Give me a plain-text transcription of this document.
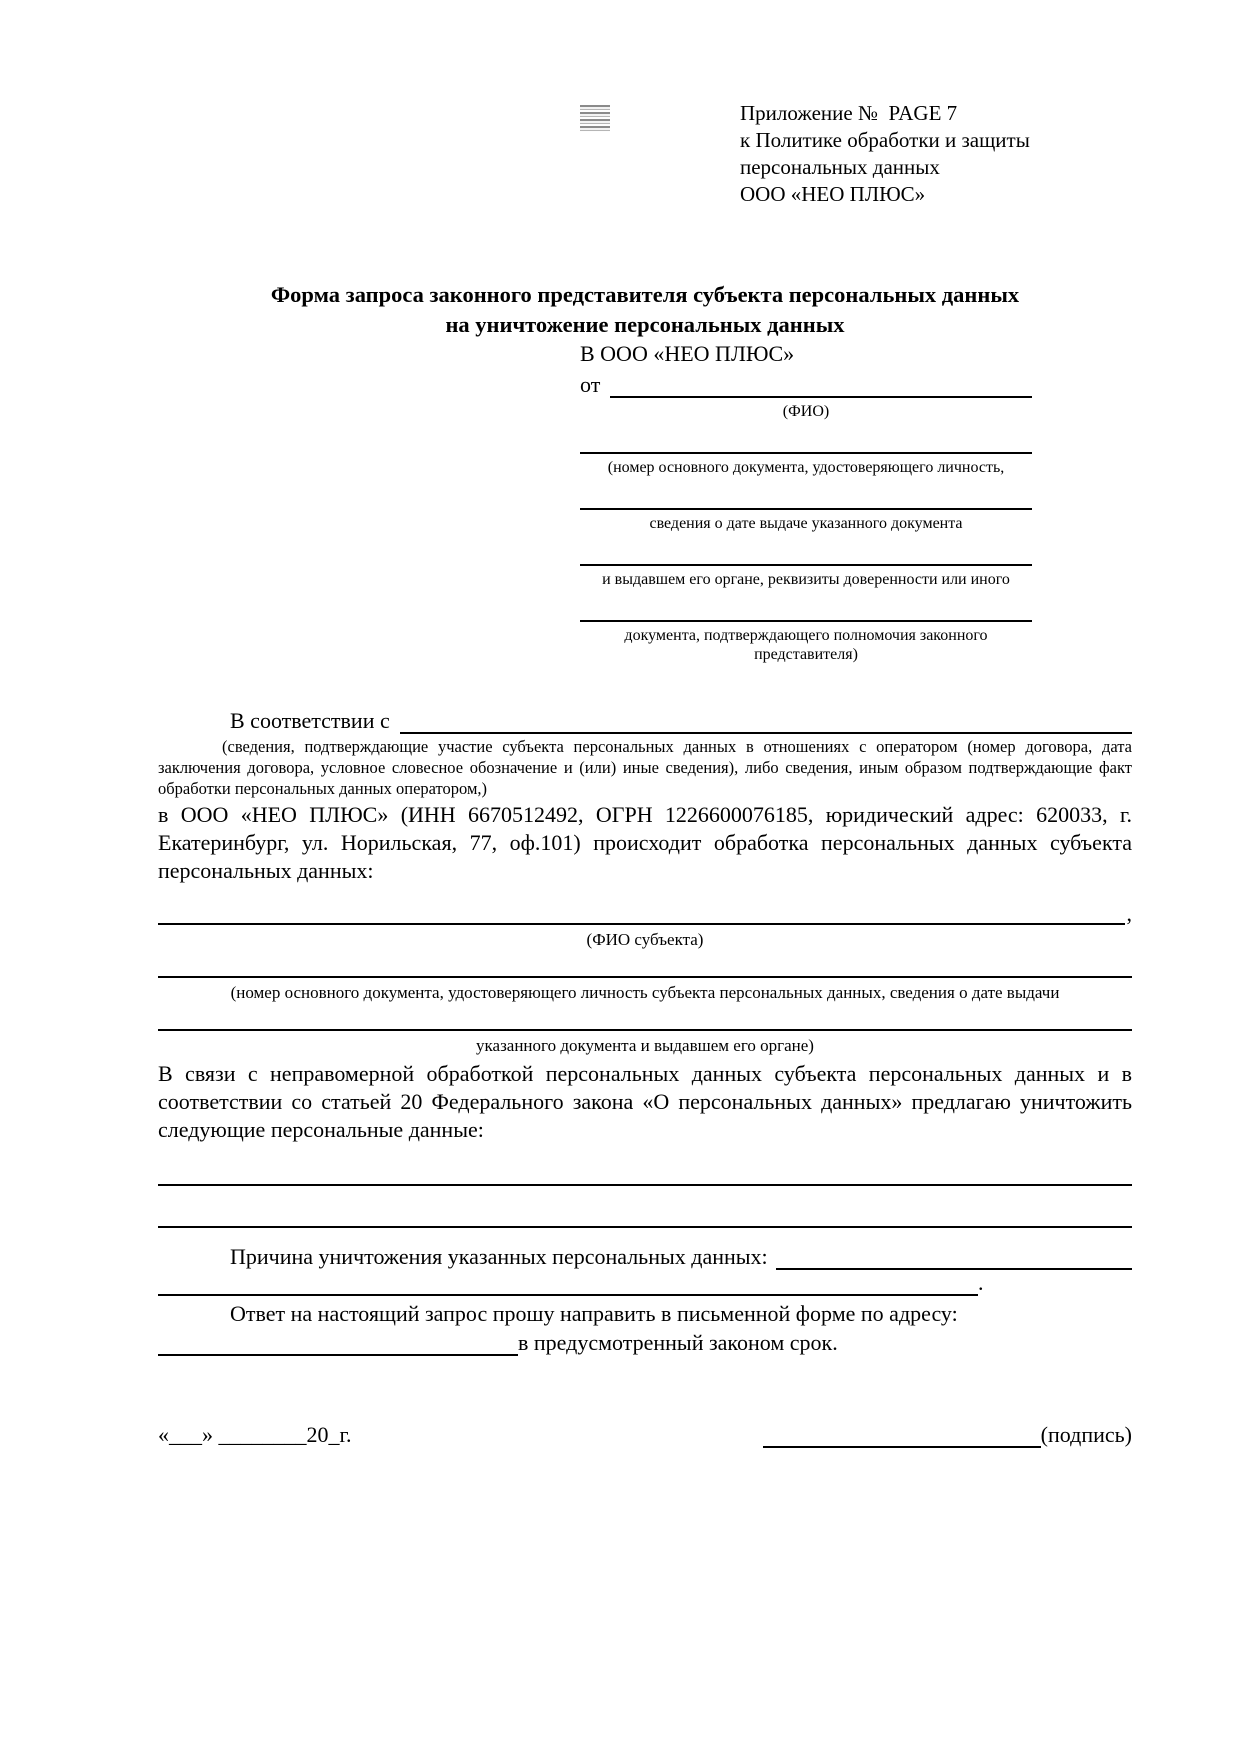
Приложение №  PAGE 7
к Политике обработки и защиты
персональных данных
ООО «НЕО ПЛЮС»
Форма запроса законного представителя субъекта персональных данных
на уничтожение персональных данных
В ООО «НЕО ПЛЮС»
от
(ФИО)
(номер основного документа, удостоверяющего личность,
сведения о дате выдаче указанного документа
и выдавшем его органе, реквизиты доверенности или иного
документа, подтверждающего полномочия законного представителя)
В соответствии с
(сведения, подтверждающие участие субъекта персональных данных в отношениях с оператором (номер договора, дата заключения договора, условное словесное обозначение и (или) иные сведения), либо сведения, иным образом подтверждающие факт обработки персональных данных оператором,)
в ООО «НЕО ПЛЮС» (ИНН 6670512492, ОГРН 1226600076185, юридический адрес: 620033, г. Екатеринбург, ул. Норильская, 77, оф.101) происходит обработка персональных данных субъекта персональных данных:
,
(ФИО субъекта)
(номер основного документа, удостоверяющего личность субъекта персональных данных, сведения о дате выдачи
указанного документа и выдавшем его органе)
В связи с неправомерной обработкой персональных данных субъекта персональных данных и в соответствии со статьей 20 Федерального закона «О персональных данных» предлагаю уничтожить следующие персональные данные:
Причина уничтожения указанных персональных данных:
.
Ответ на настоящий запрос прошу направить в письменной форме по адресу:
в предусмотренный законом срок.
«___» ________20_г.	(подпись)
